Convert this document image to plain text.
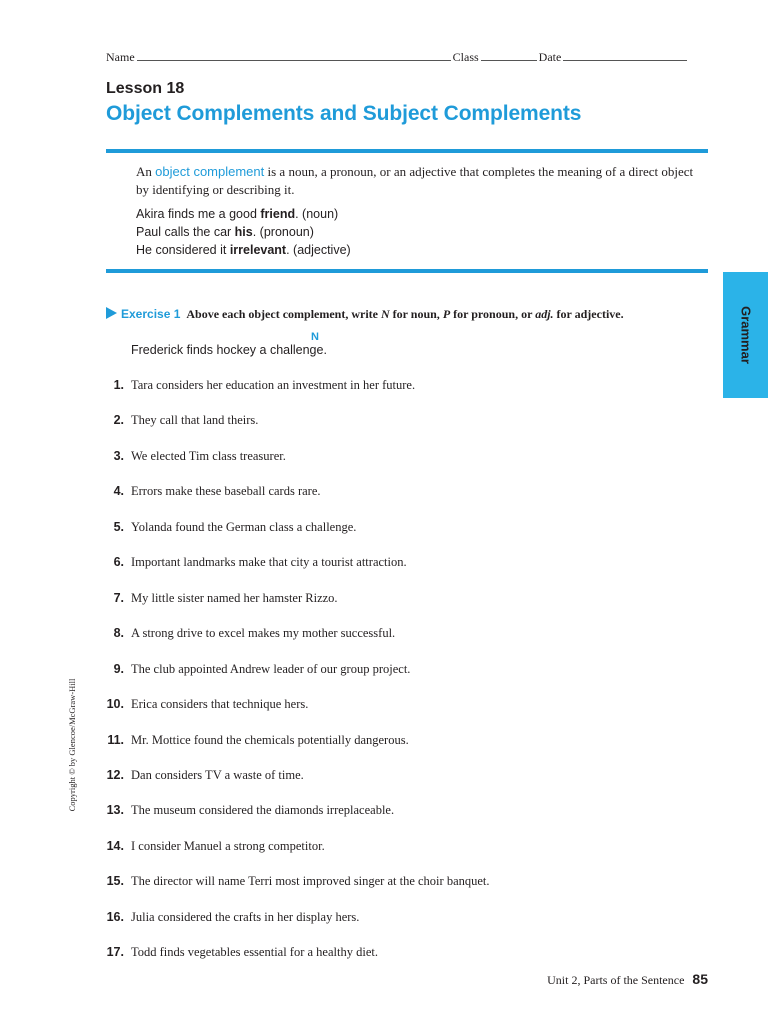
Name	Class	Date
Lesson 18
Object Complements and Subject Complements
An object complement is a noun, a pronoun, or an adjective that completes the meaning of a direct object by identifying or describing it.
Akira finds me a good friend. (noun)
Paul calls the car his. (pronoun)
He considered it irrelevant. (adjective)
Grammar
Exercise 1 Above each object complement, write N for noun, P for pronoun, or adj. for adjective.
N
Frederick finds hockey a challenge.
1. Tara considers her education an investment in her future.
2. They call that land theirs.
3. We elected Tim class treasurer.
4. Errors make these baseball cards rare.
5. Yolanda found the German class a challenge.
6. Important landmarks make that city a tourist attraction.
7. My little sister named her hamster Rizzo.
8. A strong drive to excel makes my mother successful.
9. The club appointed Andrew leader of our group project.
10. Erica considers that technique hers.
11. Mr. Mottice found the chemicals potentially dangerous.
12. Dan considers TV a waste of time.
13. The museum considered the diamonds irreplaceable.
14. I consider Manuel a strong competitor.
15. The director will name Terri most improved singer at the choir banquet.
16. Julia considered the crafts in her display hers.
17. Todd finds vegetables essential for a healthy diet.
Copyright © by Glencoe/McGraw-Hill
Unit 2, Parts of the Sentence 85
